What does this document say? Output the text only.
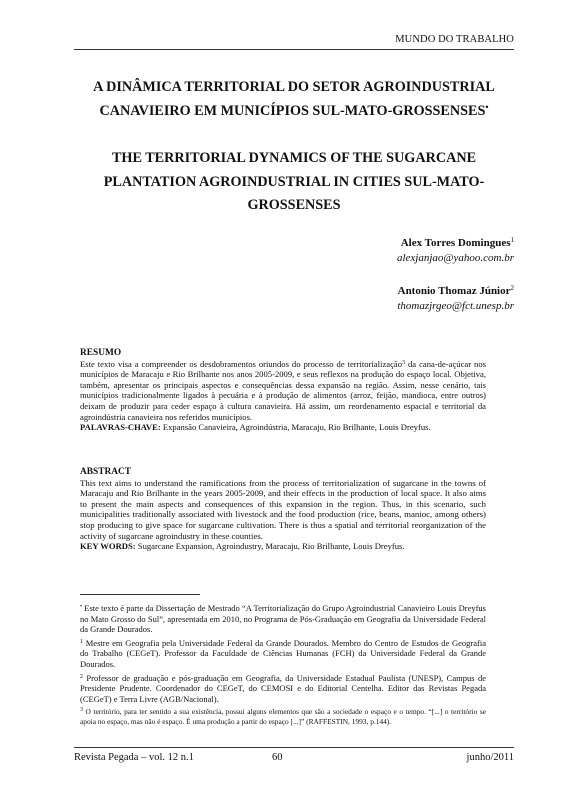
MUNDO DO TRABALHO
A DINÂMICA TERRITORIAL DO SETOR AGROINDUSTRIAL CANAVIEIRO EM MUNICÍPIOS SUL-MATO-GROSSENSES•
THE TERRITORIAL DYNAMICS OF THE SUGARCANE PLANTATION AGROINDUSTRIAL IN CITIES SUL-MATO-GROSSENSES
Alex Torres Domingues$^1$
alexjanjao@yahoo.com.br
Antonio Thomaz Júnior$^2$
thomazjrgeo@fct.unesp.br
RESUMO

Este texto visa a compreender os desdobramentos oriundos do processo de territorialização$^3$ da cana-de-açúcar nos municípios de Maracaju e Rio Brilhante nos anos 2005-2009, e seus reflexos na produção do espaço local. Objetiva, também, apresentar os principais aspectos e consequências dessa expansão na região. Assim, nesse cenário, tais municípios tradicionalmente ligados à pecuária e à produção de alimentos (arroz, feijão, mandioca, entre outros) deixam de produzir para ceder espaço à cultura canavieira. Há assim, um reordenamento espacial e territorial da agroindústria canavieira nos referidos municípios.

PALAVRAS-CHAVE: Expansão Canavieira, Agroindústria, Maracaju, Rio Brilhante, Louis Dreyfus.

ABSTRACT

This text aims to understand the ramifications from the process of territorialization of sugarcane in the towns of Maracaju and Rio Brilhante in the years 2005-2009, and their effects in the production of local space. It also aims to present the main aspects and consequences of this expansion in the region. Thus, in this scenario, such municipalities traditionally associated with livestock and the food production (rice, beans, manioc, among others) stop producing to give space for sugarcane cultivation. There is thus a spatial and territorial reorganization of the activity of sugarcane agroindustry in these counties.

KEY WORDS: Sugarcane Expansion, Agroindustry, Maracaju, Rio Brilhante, Louis Dreyfus.

• Este texto é parte da Dissertação de Mestrado “A Territorialização do Grupo Agroindustrial Canavieiro Louis Dreyfus no Mato Grosso do Sul”, apresentada em 2010, no Programa de Pós-Graduação em Geografia da Universidade Federal da Grande Dourados.

$^1$ Mestre em Geografia pela Universidade Federal da Grande Dourados. Membro do Centro de Estudos de Geografia do Trabalho (CEGeT). Professor da Faculdade de Ciências Humanas (FCH) da Universidade Federal da Grande Dourados.

$^2$ Professor de graduação e pós-graduação em Geografia, da Universidade Estadual Paulista (UNESP), Campus de Presidente Prudente. Coordenador do CEGeT, do CEMOSI e do Editorial Centelha. Editor das Revistas Pegada (CEGeT) e Terra Livre (AGB/Nacional).

$^3$ O território, para ter sentido a sua existência, possui alguns elementos que são a sociedade o espaço e o tempo. “[...] o território se apoia no espaço, mas não é espaço. É uma produção a partir do espaço [...]” (RAFFESTIN, 1993, p.144).

Revista Pegada – vol. 12 n.1	60	junho/2011
